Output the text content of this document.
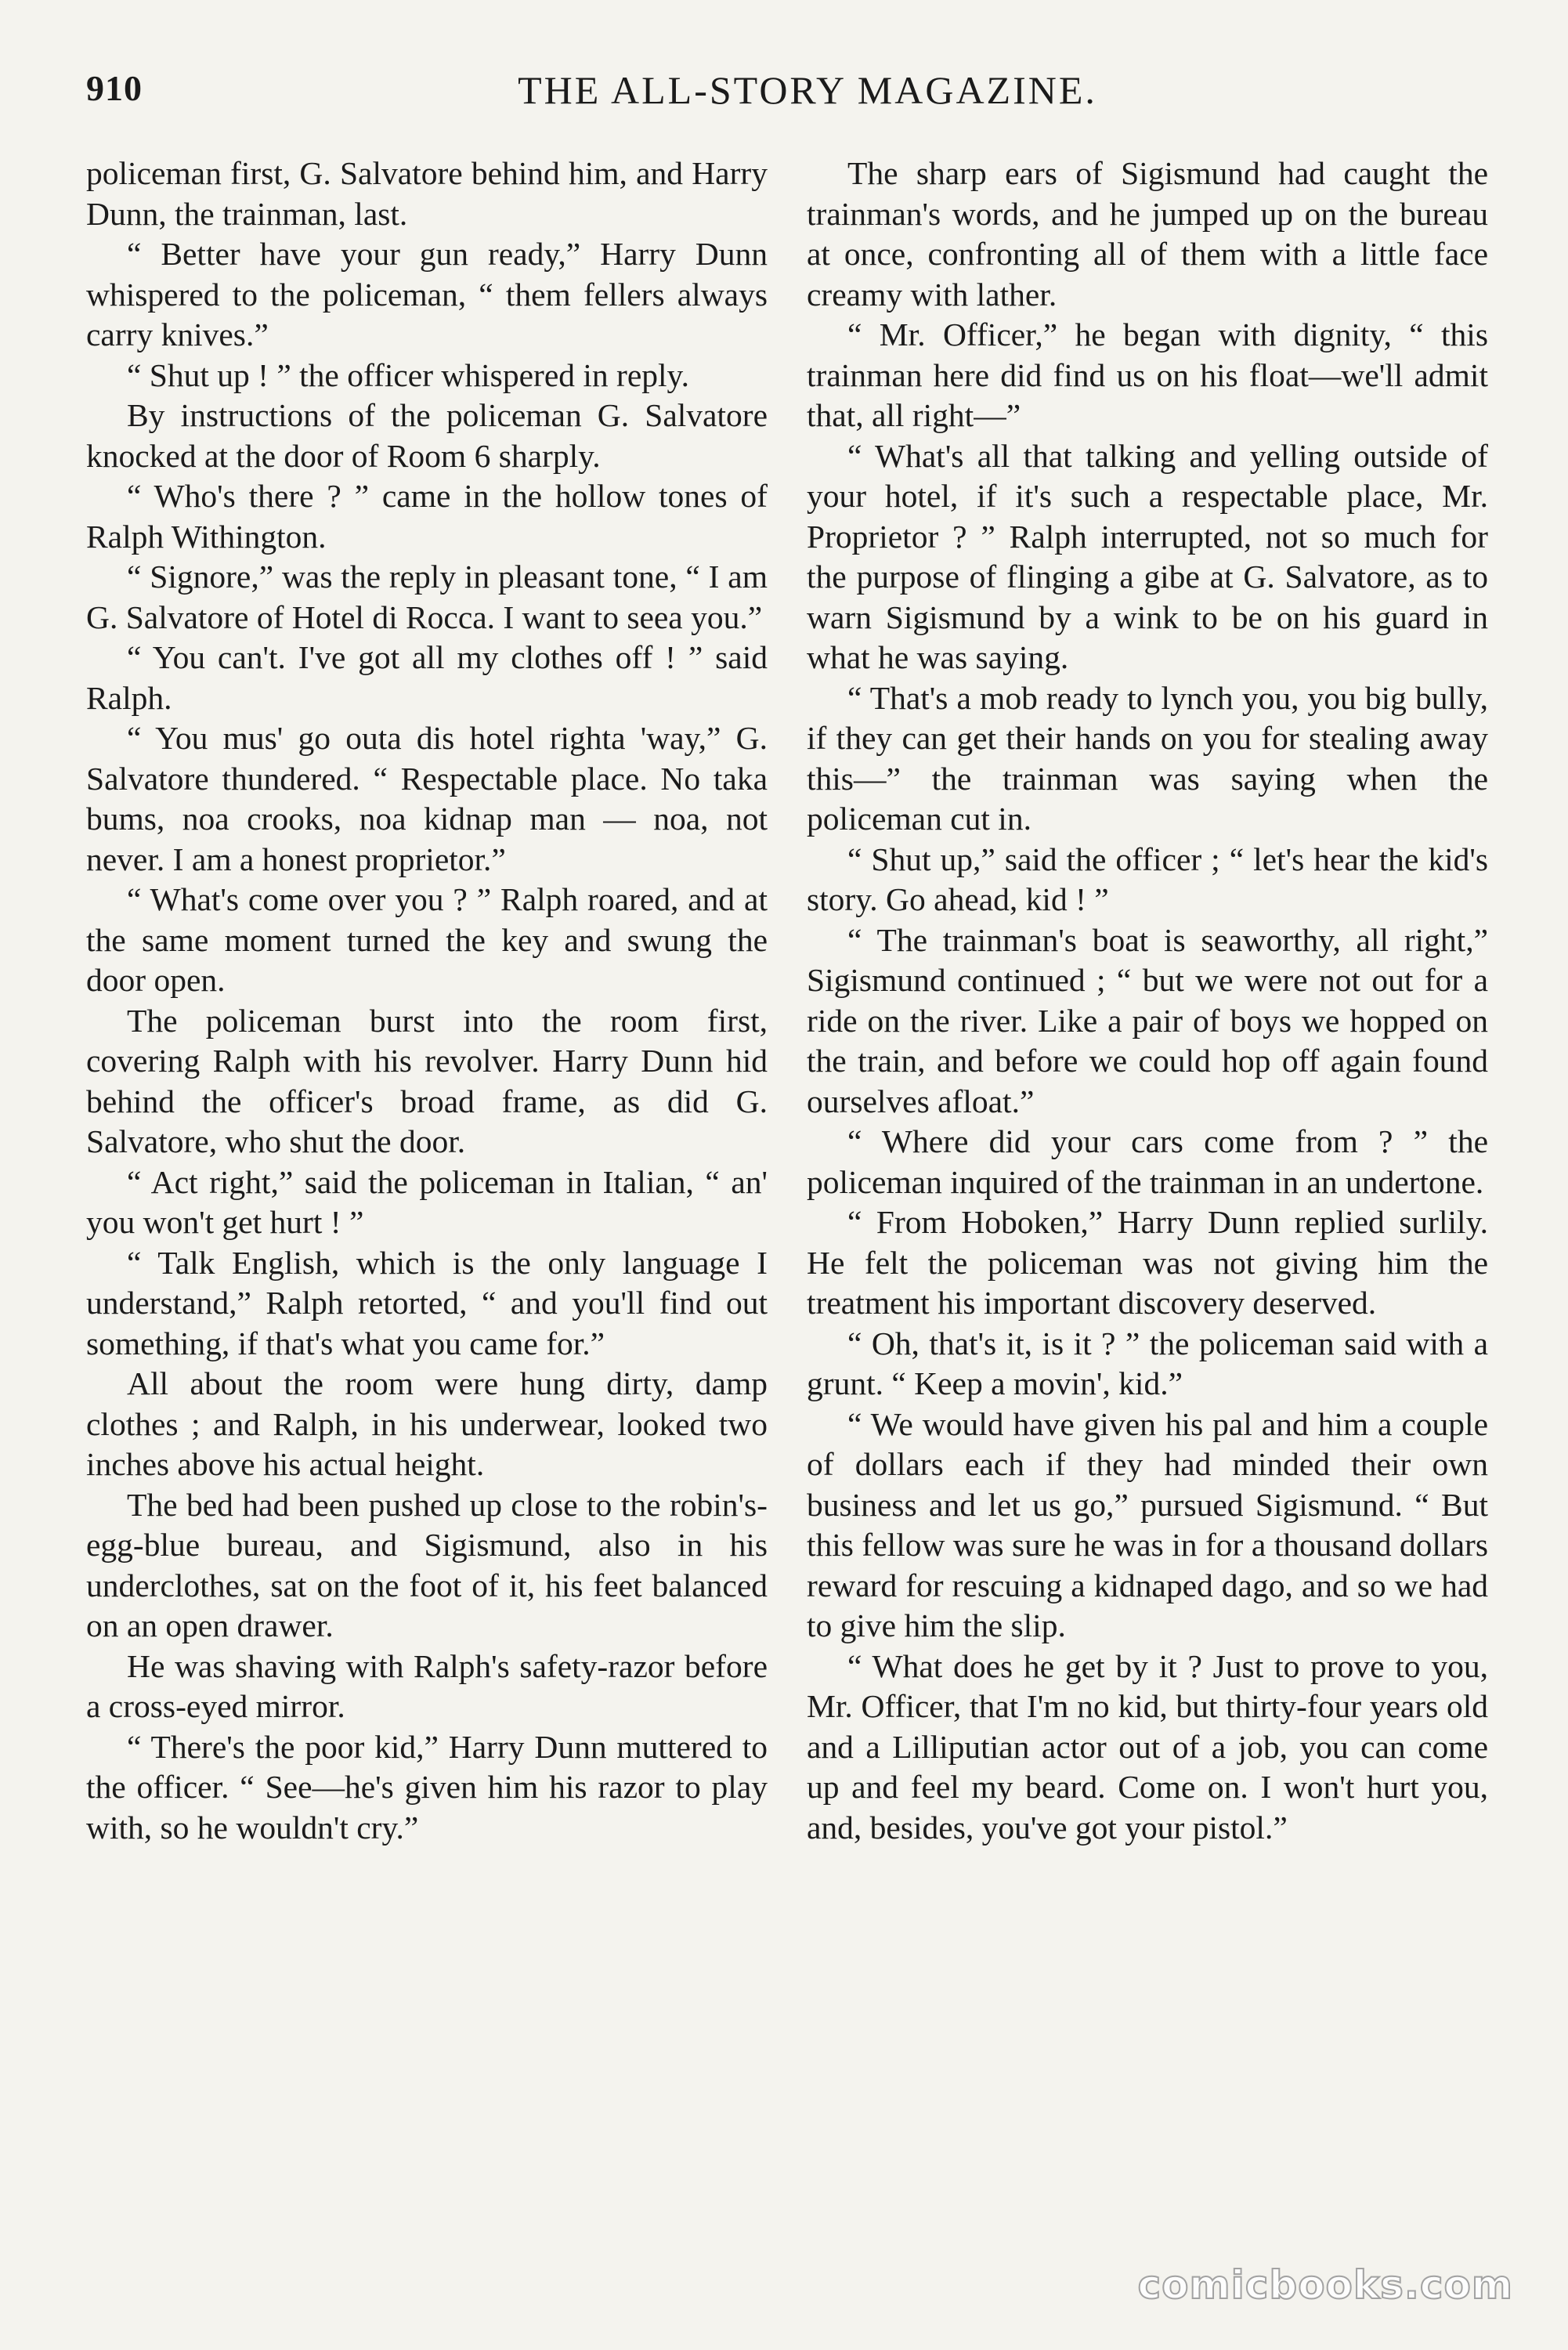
910	THE ALL-STORY MAGAZINE.

policeman first, G. Salvatore behind him, and Harry Dunn, the trainman, last.

“ Better have your gun ready,” Harry Dunn whispered to the policeman, “ them fellers always carry knives.”

“ Shut up ! ” the officer whispered in reply.

By instructions of the policeman G. Salvatore knocked at the door of Room 6 sharply.

“ Who's there ? ” came in the hollow tones of Ralph Withington.

“ Signore,” was the reply in pleasant tone, “ I am G. Salvatore of Hotel di Rocca. I want to seea you.”

“ You can't. I've got all my clothes off ! ” said Ralph.

“ You mus' go outa dis hotel righta 'way,” G. Salvatore thundered. “ Respectable place. No taka bums, noa crooks, noa kidnap man — noa, not never. I am a honest proprietor.”

“ What's come over you ? ” Ralph roared, and at the same moment turned the key and swung the door open.

The policeman burst into the room first, covering Ralph with his revolver. Harry Dunn hid behind the officer's broad frame, as did G. Salvatore, who shut the door.

“ Act right,” said the policeman in Italian, “ an' you won't get hurt ! ”

“ Talk English, which is the only language I understand,” Ralph retorted, “ and you'll find out something, if that's what you came for.”

All about the room were hung dirty, damp clothes ; and Ralph, in his underwear, looked two inches above his actual height.

The bed had been pushed up close to the robin's-egg-blue bureau, and Sigismund, also in his underclothes, sat on the foot of it, his feet balanced on an open drawer.

He was shaving with Ralph's safety-razor before a cross-eyed mirror.

“ There's the poor kid,” Harry Dunn muttered to the officer. “ See—he's given him his razor to play with, so he wouldn't cry.”

The sharp ears of Sigismund had caught the trainman's words, and he jumped up on the bureau at once, confronting all of them with a little face creamy with lather.

“ Mr. Officer,” he began with dignity, “ this trainman here did find us on his float—we'll admit that, all right—”

“ What's all that talking and yelling outside of your hotel, if it's such a respectable place, Mr. Proprietor ? ” Ralph interrupted, not so much for the purpose of flinging a gibe at G. Salvatore, as to warn Sigismund by a wink to be on his guard in what he was saying.

“ That's a mob ready to lynch you, you big bully, if they can get their hands on you for stealing away this—” the trainman was saying when the policeman cut in.

“ Shut up,” said the officer ; “ let's hear the kid's story. Go ahead, kid ! ”

“ The trainman's boat is seaworthy, all right,” Sigismund continued ; “ but we were not out for a ride on the river. Like a pair of boys we hopped on the train, and before we could hop off again found ourselves afloat.”

“ Where did your cars come from ? ” the policeman inquired of the trainman in an undertone.

“ From Hoboken,” Harry Dunn replied surlily. He felt the policeman was not giving him the treatment his important discovery deserved.

“ Oh, that's it, is it ? ” the policeman said with a grunt. “ Keep a movin', kid.”

“ We would have given his pal and him a couple of dollars each if they had minded their own business and let us go,” pursued Sigismund. “ But this fellow was sure he was in for a thousand dollars reward for rescuing a kidnaped dago, and so we had to give him the slip.

“ What does he get by it ? Just to prove to you, Mr. Officer, that I'm no kid, but thirty-four years old and a Lilliputian actor out of a job, you can come up and feel my beard. Come on. I won't hurt you, and, besides, you've got your pistol.”

comicbooks.com
